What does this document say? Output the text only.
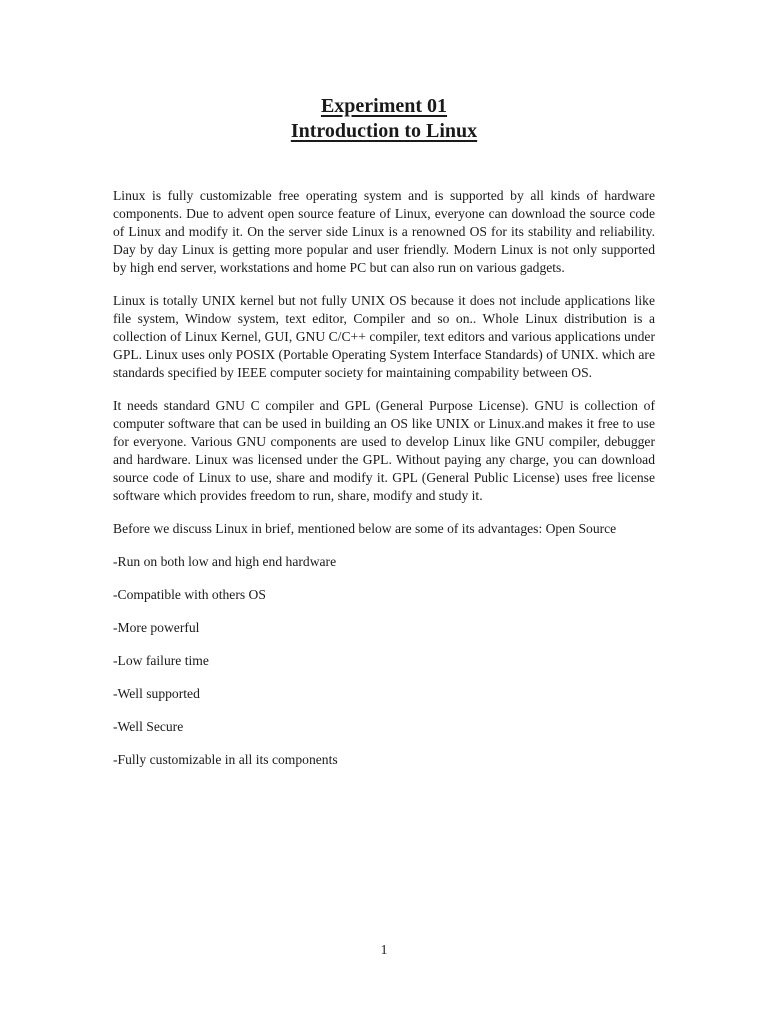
Experiment 01
Introduction to Linux

Linux is fully customizable free operating system and is supported by all kinds of hardware components. Due to advent open source feature of Linux, everyone can download the source code of Linux and modify it. On the server side Linux is a renowned OS for its stability and reliability. Day by day Linux is getting more popular and user friendly. Modern Linux is not only supported by high end server, workstations and home PC but can also run on various gadgets.

Linux is totally UNIX kernel but not fully UNIX OS because it does not include applications like file system, Window system, text editor, Compiler and so on.. Whole Linux distribution is a collection of Linux Kernel, GUI, GNU C/C++ compiler, text editors and various applications under GPL. Linux uses only POSIX (Portable Operating System Interface Standards) of UNIX. which are standards specified by IEEE computer society for maintaining compability between OS.

It needs standard GNU C compiler and GPL (General Purpose License). GNU is collection of computer software that can be used in building an OS like UNIX or Linux.and makes it free to use for everyone. Various GNU components are used to develop Linux like GNU compiler, debugger and hardware. Linux was licensed under the GPL. Without paying any charge, you can download source code of Linux to use, share and modify it. GPL (General Public License) uses free license software which provides freedom to run, share, modify and study it.

Before we discuss Linux in brief, mentioned below are some of its advantages: Open Source

-Run on both low and high end hardware

-Compatible with others OS

-More powerful

-Low failure time

-Well supported

-Well Secure

-Fully customizable in all its components

1
